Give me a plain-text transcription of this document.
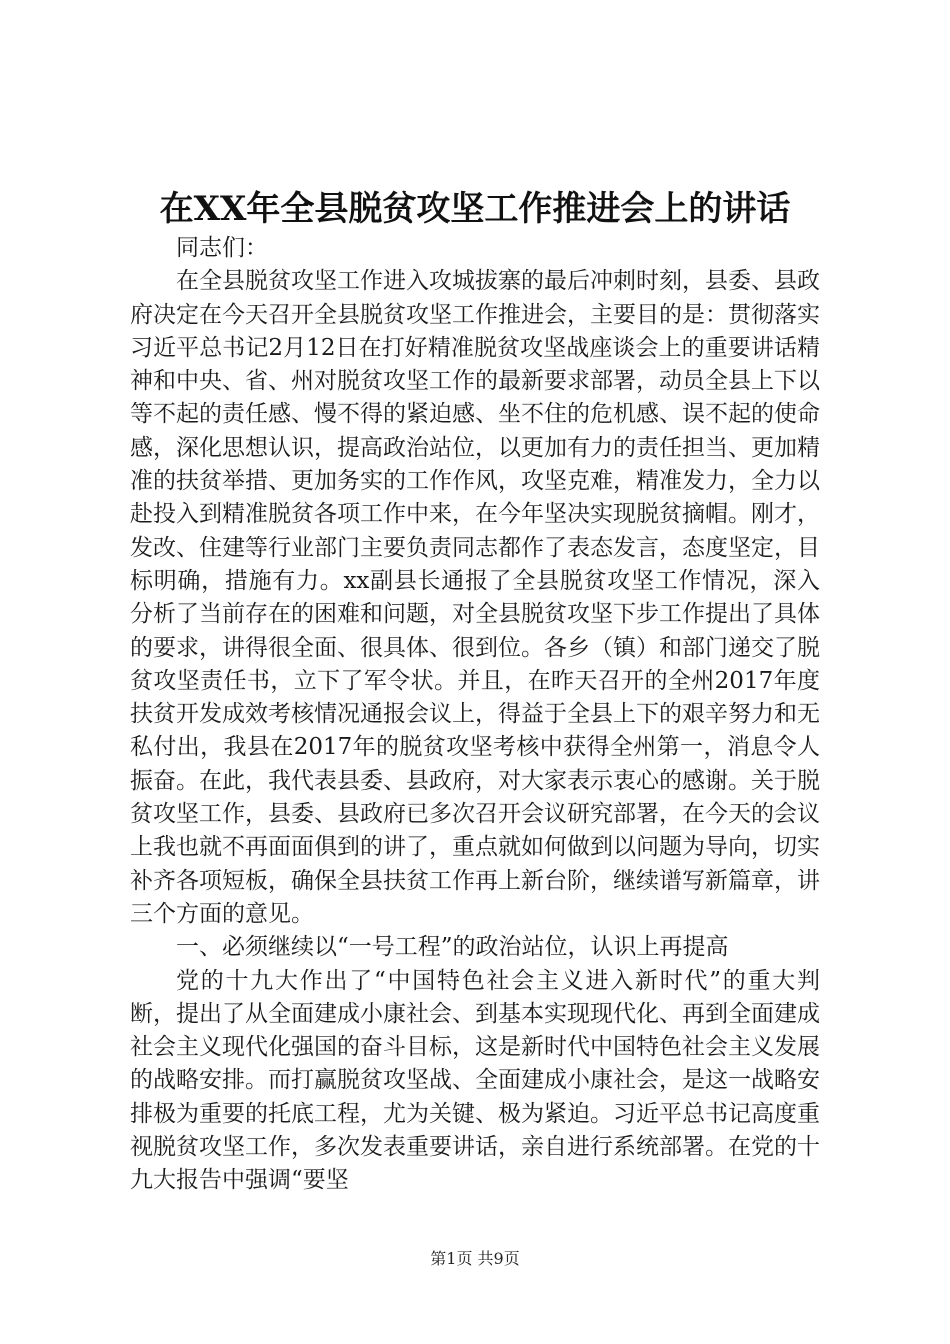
在XX年全县脱贫攻坚工作推进会上的讲话

同志们：

在全县脱贫攻坚工作进入攻城拔寨的最后冲刺时刻，县委、县政府决定在今天召开全县脱贫攻坚工作推进会，主要目的是：贯彻落实习近平总书记2月12日在打好精准脱贫攻坚战座谈会上的重要讲话精神和中央、省、州对脱贫攻坚工作的最新要求部署，动员全县上下以等不起的责任感、慢不得的紧迫感、坐不住的危机感、误不起的使命感，深化思想认识，提高政治站位，以更加有力的责任担当、更加精准的扶贫举措、更加务实的工作作风，攻坚克难，精准发力，全力以赴投入到精准脱贫各项工作中来，在今年坚决实现脱贫摘帽。刚才，发改、住建等行业部门主要负责同志都作了表态发言，态度坚定，目标明确，措施有力。xx副县长通报了全县脱贫攻坚工作情况，深入分析了当前存在的困难和问题，对全县脱贫攻坚下步工作提出了具体的要求，讲得很全面、很具体、很到位。各乡（镇）和部门递交了脱贫攻坚责任书，立下了军令状。并且，在昨天召开的全州2017年度扶贫开发成效考核情况通报会议上，得益于全县上下的艰辛努力和无私付出，我县在2017年的脱贫攻坚考核中获得全州第一，消息令人振奋。在此，我代表县委、县政府，对大家表示衷心的感谢。关于脱贫攻坚工作，县委、县政府已多次召开会议研究部署，在今天的会议上我也就不再面面俱到的讲了，重点就如何做到以问题为导向，切实补齐各项短板，确保全县扶贫工作再上新台阶，继续谱写新篇章，讲三个方面的意见。

一、必须继续以“一号工程”的政治站位，认识上再提高

党的十九大作出了“中国特色社会主义进入新时代”的重大判断，提出了从全面建成小康社会、到基本实现现代化、再到全面建成社会主义现代化强国的奋斗目标，这是新时代中国特色社会主义发展的战略安排。而打赢脱贫攻坚战、全面建成小康社会，是这一战略安排极为重要的托底工程，尤为关键、极为紧迫。习近平总书记高度重视脱贫攻坚工作，多次发表重要讲话，亲自进行系统部署。在党的十九大报告中强调“要坚

第1页 共9页
